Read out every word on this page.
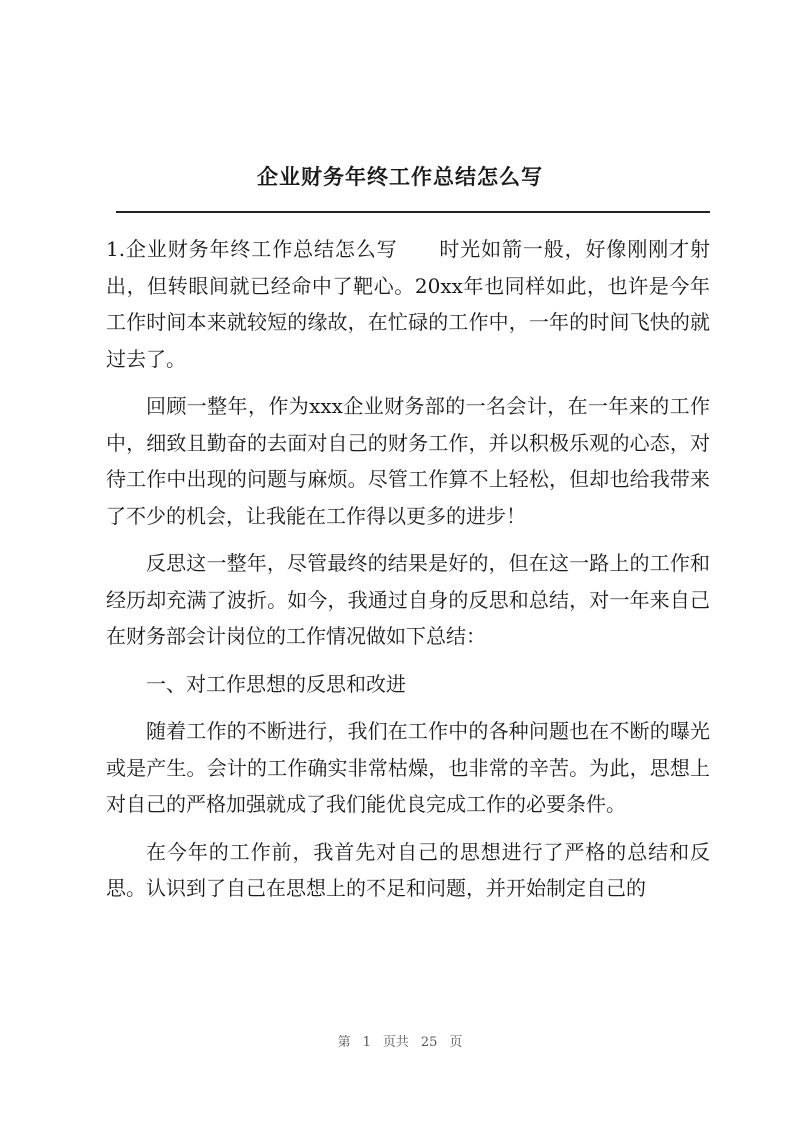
企业财务年终工作总结怎么写

1.企业财务年终工作总结怎么写　　时光如箭一般，好像刚刚才射出，但转眼间就已经命中了靶心。20xx年也同样如此，也许是今年工作时间本来就较短的缘故，在忙碌的工作中，一年的时间飞快的就过去了。

回顾一整年，作为xxx企业财务部的一名会计，在一年来的工作中，细致且勤奋的去面对自己的财务工作，并以积极乐观的心态，对待工作中出现的问题与麻烦。尽管工作算不上轻松，但却也给我带来了不少的机会，让我能在工作得以更多的进步！

反思这一整年，尽管最终的结果是好的，但在这一路上的工作和经历却充满了波折。如今，我通过自身的反思和总结，对一年来自己在财务部会计岗位的工作情况做如下总结：

一、对工作思想的反思和改进

随着工作的不断进行，我们在工作中的各种问题也在不断的曝光或是产生。会计的工作确实非常枯燥，也非常的辛苦。为此，思想上对自己的严格加强就成了我们能优良完成工作的必要条件。

在今年的工作前，我首先对自己的思想进行了严格的总结和反思。认识到了自己在思想上的不足和问题，并开始制定自己的

第 1 页共 25 页
